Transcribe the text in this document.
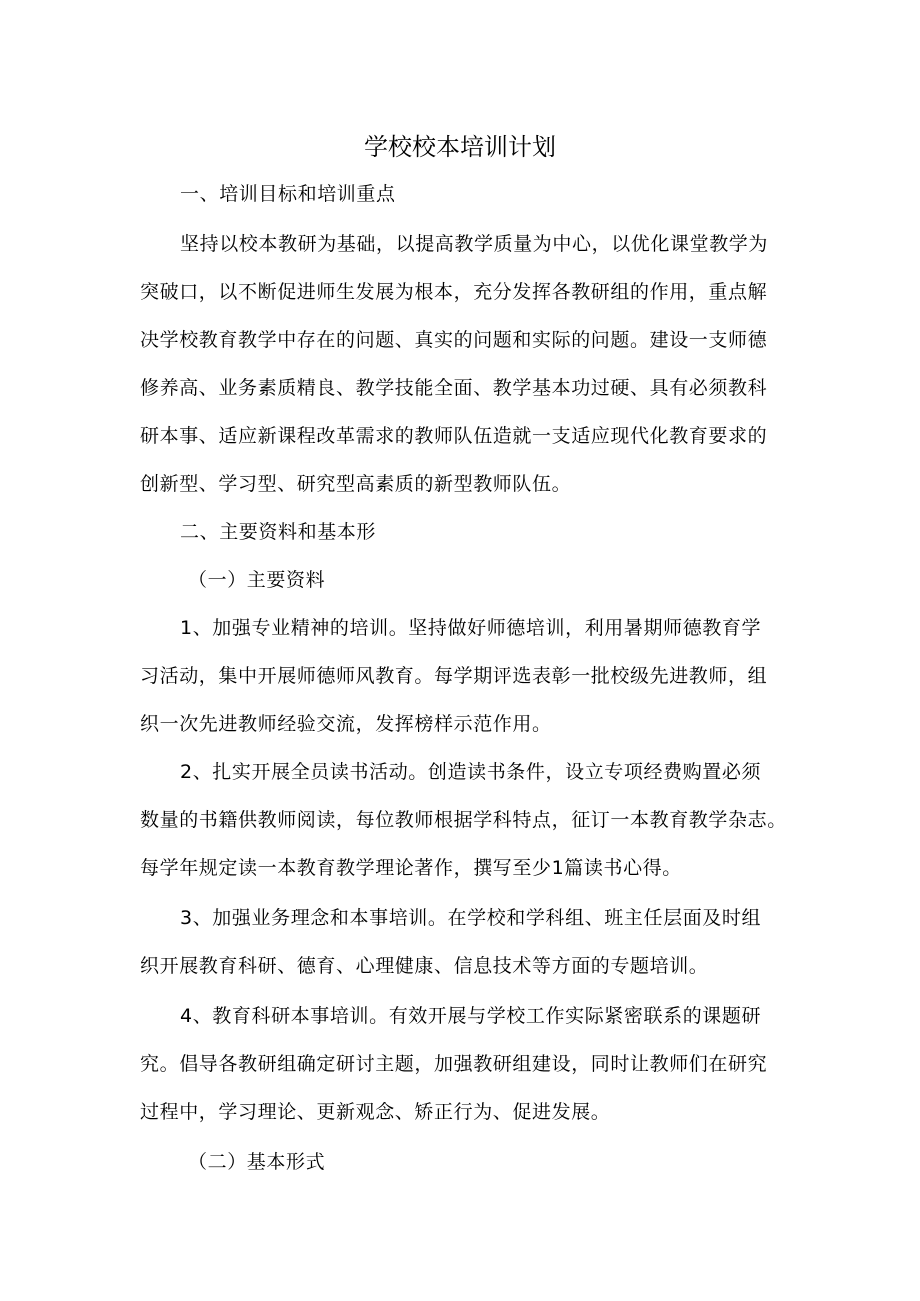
学校校本培训计划

一、培训目标和培训重点

坚持以校本教研为基础，以提高教学质量为中心，以优化课堂教学为

突破口，以不断促进师生发展为根本，充分发挥各教研组的作用，重点解

决学校教育教学中存在的问题、真实的问题和实际的问题。建设一支师德

修养高、业务素质精良、教学技能全面、教学基本功过硬、具有必须教科

研本事、适应新课程改革需求的教师队伍造就一支适应现代化教育要求的

创新型、学习型、研究型高素质的新型教师队伍。

二、主要资料和基本形

（一）主要资料

1、加强专业精神的培训。坚持做好师德培训，利用暑期师德教育学

习活动，集中开展师德师风教育。每学期评选表彰一批校级先进教师，组

织一次先进教师经验交流，发挥榜样示范作用。

2、扎实开展全员读书活动。创造读书条件，设立专项经费购置必须

数量的书籍供教师阅读，每位教师根据学科特点，征订一本教育教学杂志。

每学年规定读一本教育教学理论著作，撰写至少1篇读书心得。

3、加强业务理念和本事培训。在学校和学科组、班主任层面及时组

织开展教育科研、德育、心理健康、信息技术等方面的专题培训。

4、教育科研本事培训。有效开展与学校工作实际紧密联系的课题研

究。倡导各教研组确定研讨主题，加强教研组建设，同时让教师们在研究

过程中，学习理论、更新观念、矫正行为、促进发展。

（二）基本形式
